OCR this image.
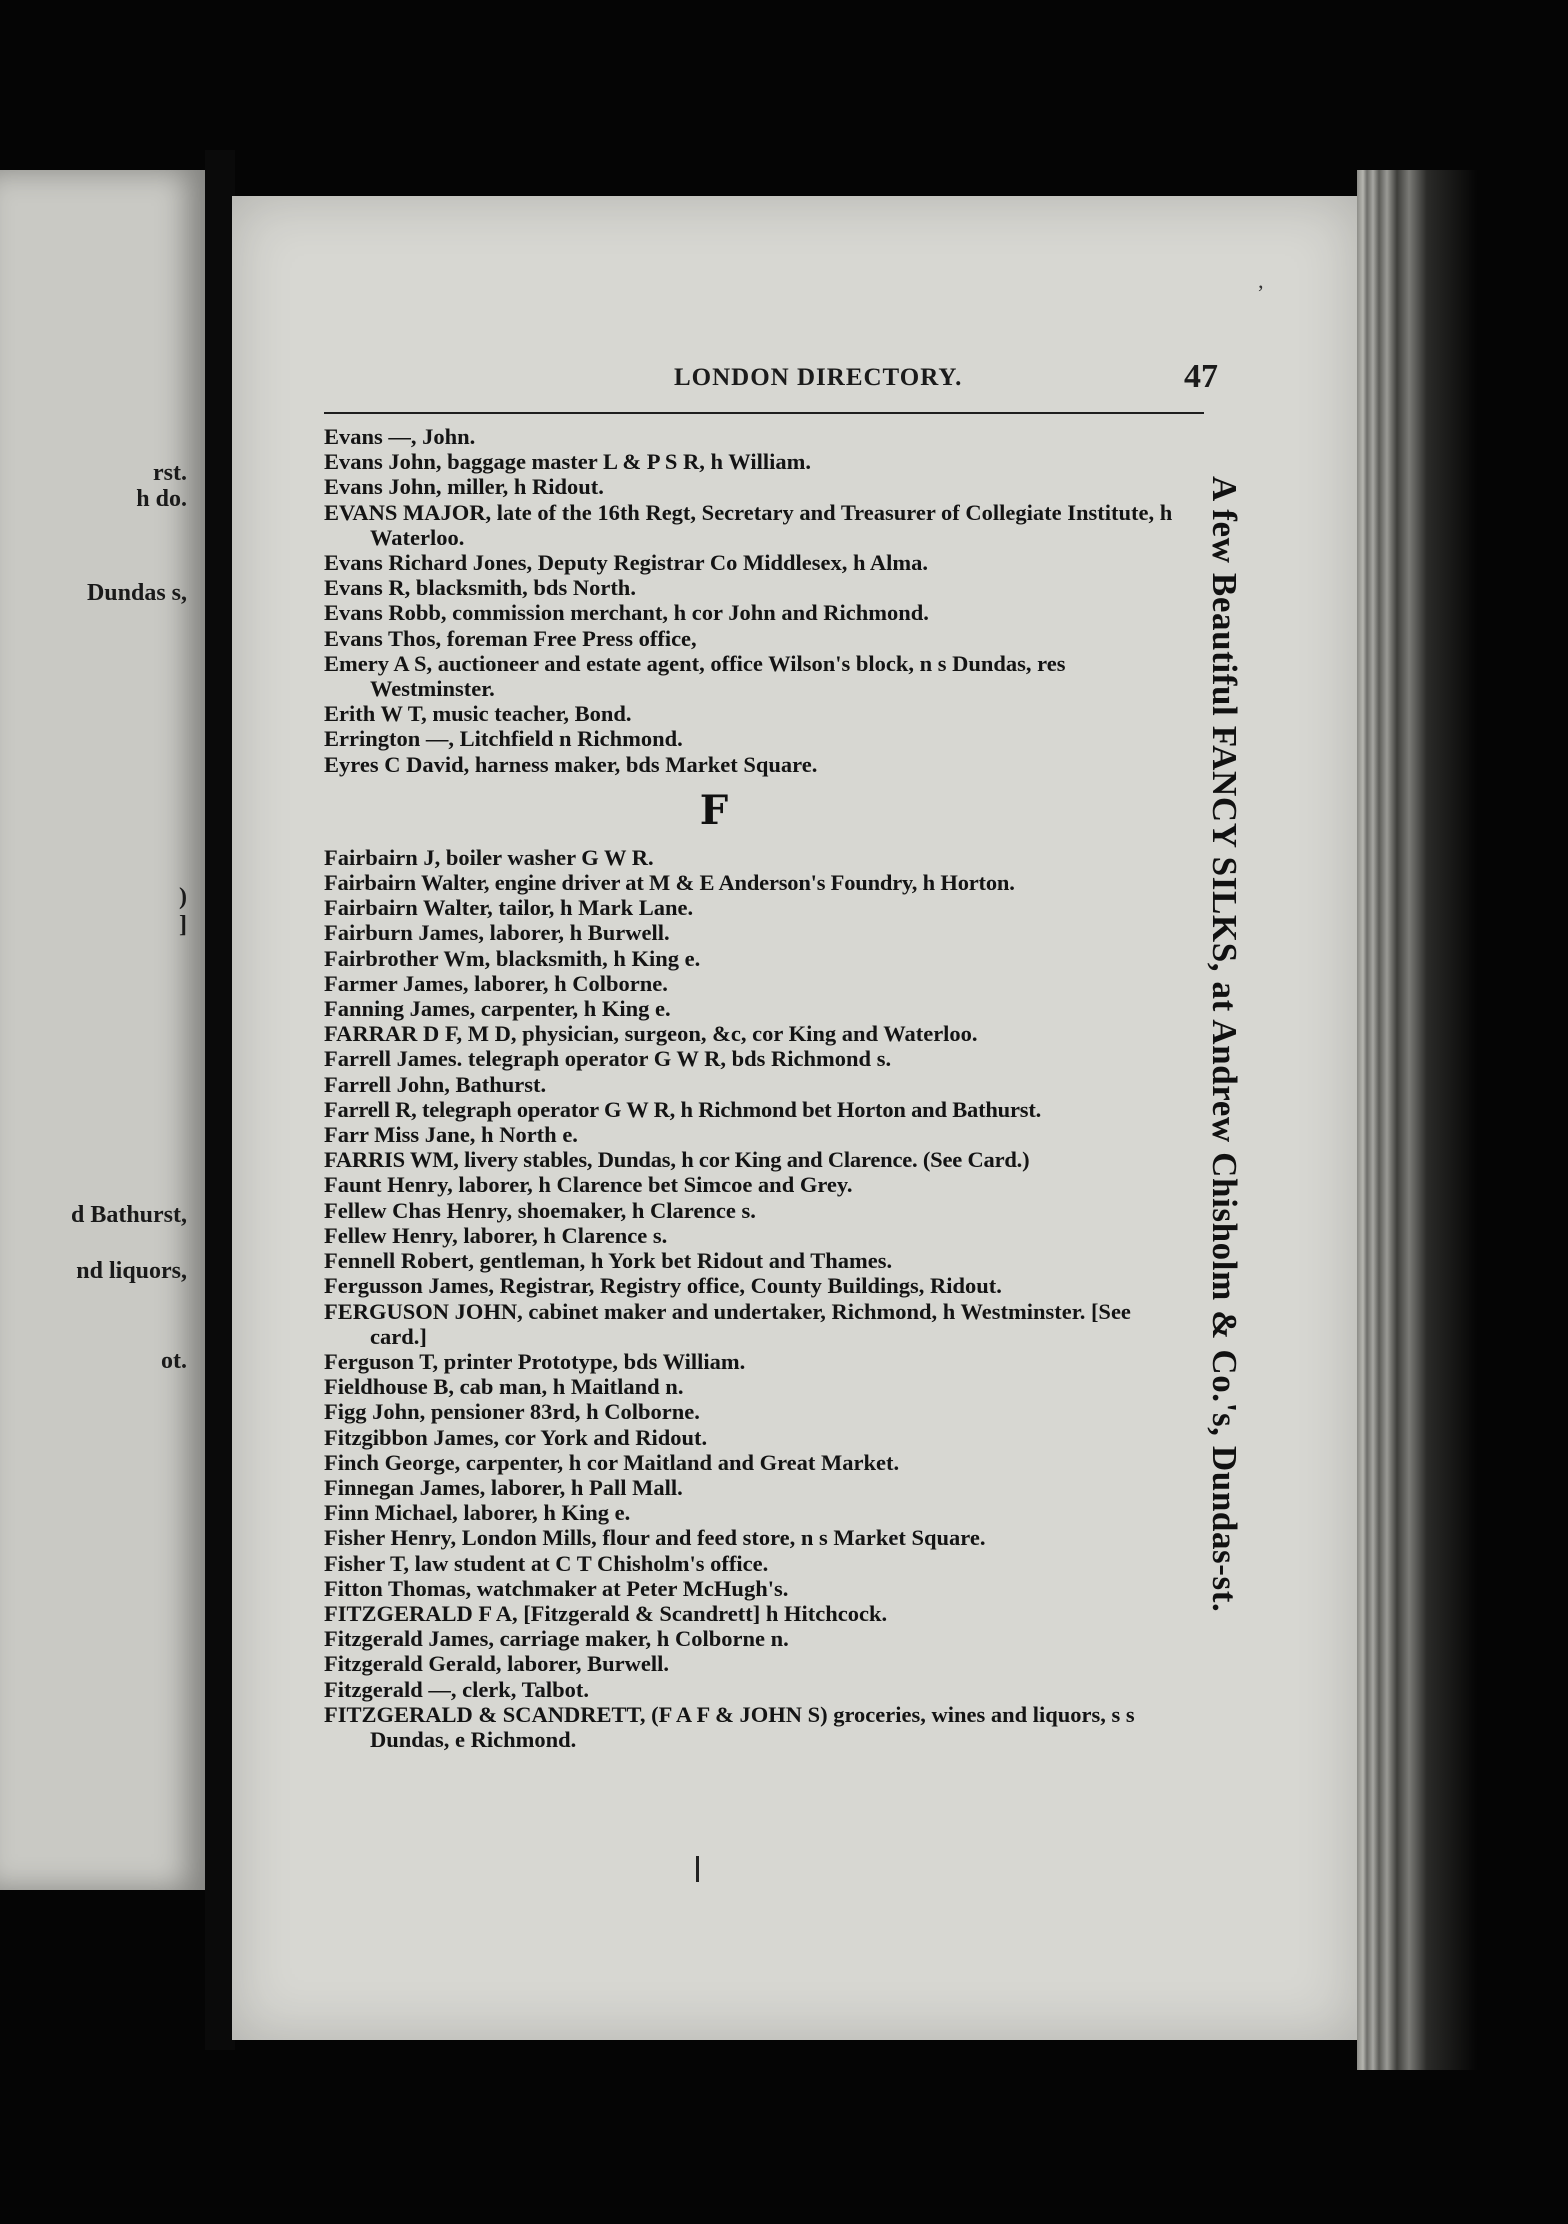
rst.
h do.
Dundas s,
)
]
d Bathurst,
nd liquors,
ot.
‚
LONDON DIRECTORY.	47
Evans —, John.
Evans John, baggage master L & P S R, h William.
Evans John, miller, h Ridout.
EVANS MAJOR, late of the 16th Regt, Secretary and Treasurer of Collegiate Institute, h Waterloo.
Evans Richard Jones, Deputy Registrar Co Middlesex, h Alma.
Evans R, blacksmith, bds North.
Evans Robb, commission merchant, h cor John and Richmond.
Evans Thos, foreman Free Press office,
Emery A S, auctioneer and estate agent, office Wilson's block, n s Dundas, res Westminster.
Erith W T, music teacher, Bond.
Errington —, Litchfield n Richmond.
Eyres C David, harness maker, bds Market Square.
F
Fairbairn J, boiler washer G W R.
Fairbairn Walter, engine driver at M & E Anderson's Foundry, h Horton.
Fairbairn Walter, tailor, h Mark Lane.
Fairburn James, laborer, h Burwell.
Fairbrother Wm, blacksmith, h King e.
Farmer James, laborer, h Colborne.
Fanning James, carpenter, h King e.
FARRAR D F, M D, physician, surgeon, &c, cor King and Waterloo.
Farrell James. telegraph operator G W R, bds Richmond s.
Farrell John, Bathurst.
Farrell R, telegraph operator G W R, h Richmond bet Horton and Bathurst.
Farr Miss Jane, h North e.
FARRIS WM, livery stables, Dundas, h cor King and Clarence. (See Card.)
Faunt Henry, laborer, h Clarence bet Simcoe and Grey.
Fellew Chas Henry, shoemaker, h Clarence s.
Fellew Henry, laborer, h Clarence s.
Fennell Robert, gentleman, h York bet Ridout and Thames.
Fergusson James, Registrar, Registry office, County Buildings, Ridout.
FERGUSON JOHN, cabinet maker and undertaker, Richmond, h Westminster. [See card.]
Ferguson T, printer Prototype, bds William.
Fieldhouse B, cab man, h Maitland n.
Figg John, pensioner 83rd, h Colborne.
Fitzgibbon James, cor York and Ridout.
Finch George, carpenter, h cor Maitland and Great Market.
Finnegan James, laborer, h Pall Mall.
Finn Michael, laborer, h King e.
Fisher Henry, London Mills, flour and feed store, n s Market Square.
Fisher T, law student at C T Chisholm's office.
Fitton Thomas, watchmaker at Peter McHugh's.
FITZGERALD F A, [Fitzgerald & Scandrett] h Hitchcock.
Fitzgerald James, carriage maker, h Colborne n.
Fitzgerald Gerald, laborer, Burwell.
Fitzgerald —, clerk, Talbot.
FITZGERALD & SCANDRETT, (F A F & JOHN S) groceries, wines and liquors, s s Dundas, e Richmond.
A few Beautiful FANCY SILKS, at Andrew Chisholm & Co.'s, Dundas-st.
